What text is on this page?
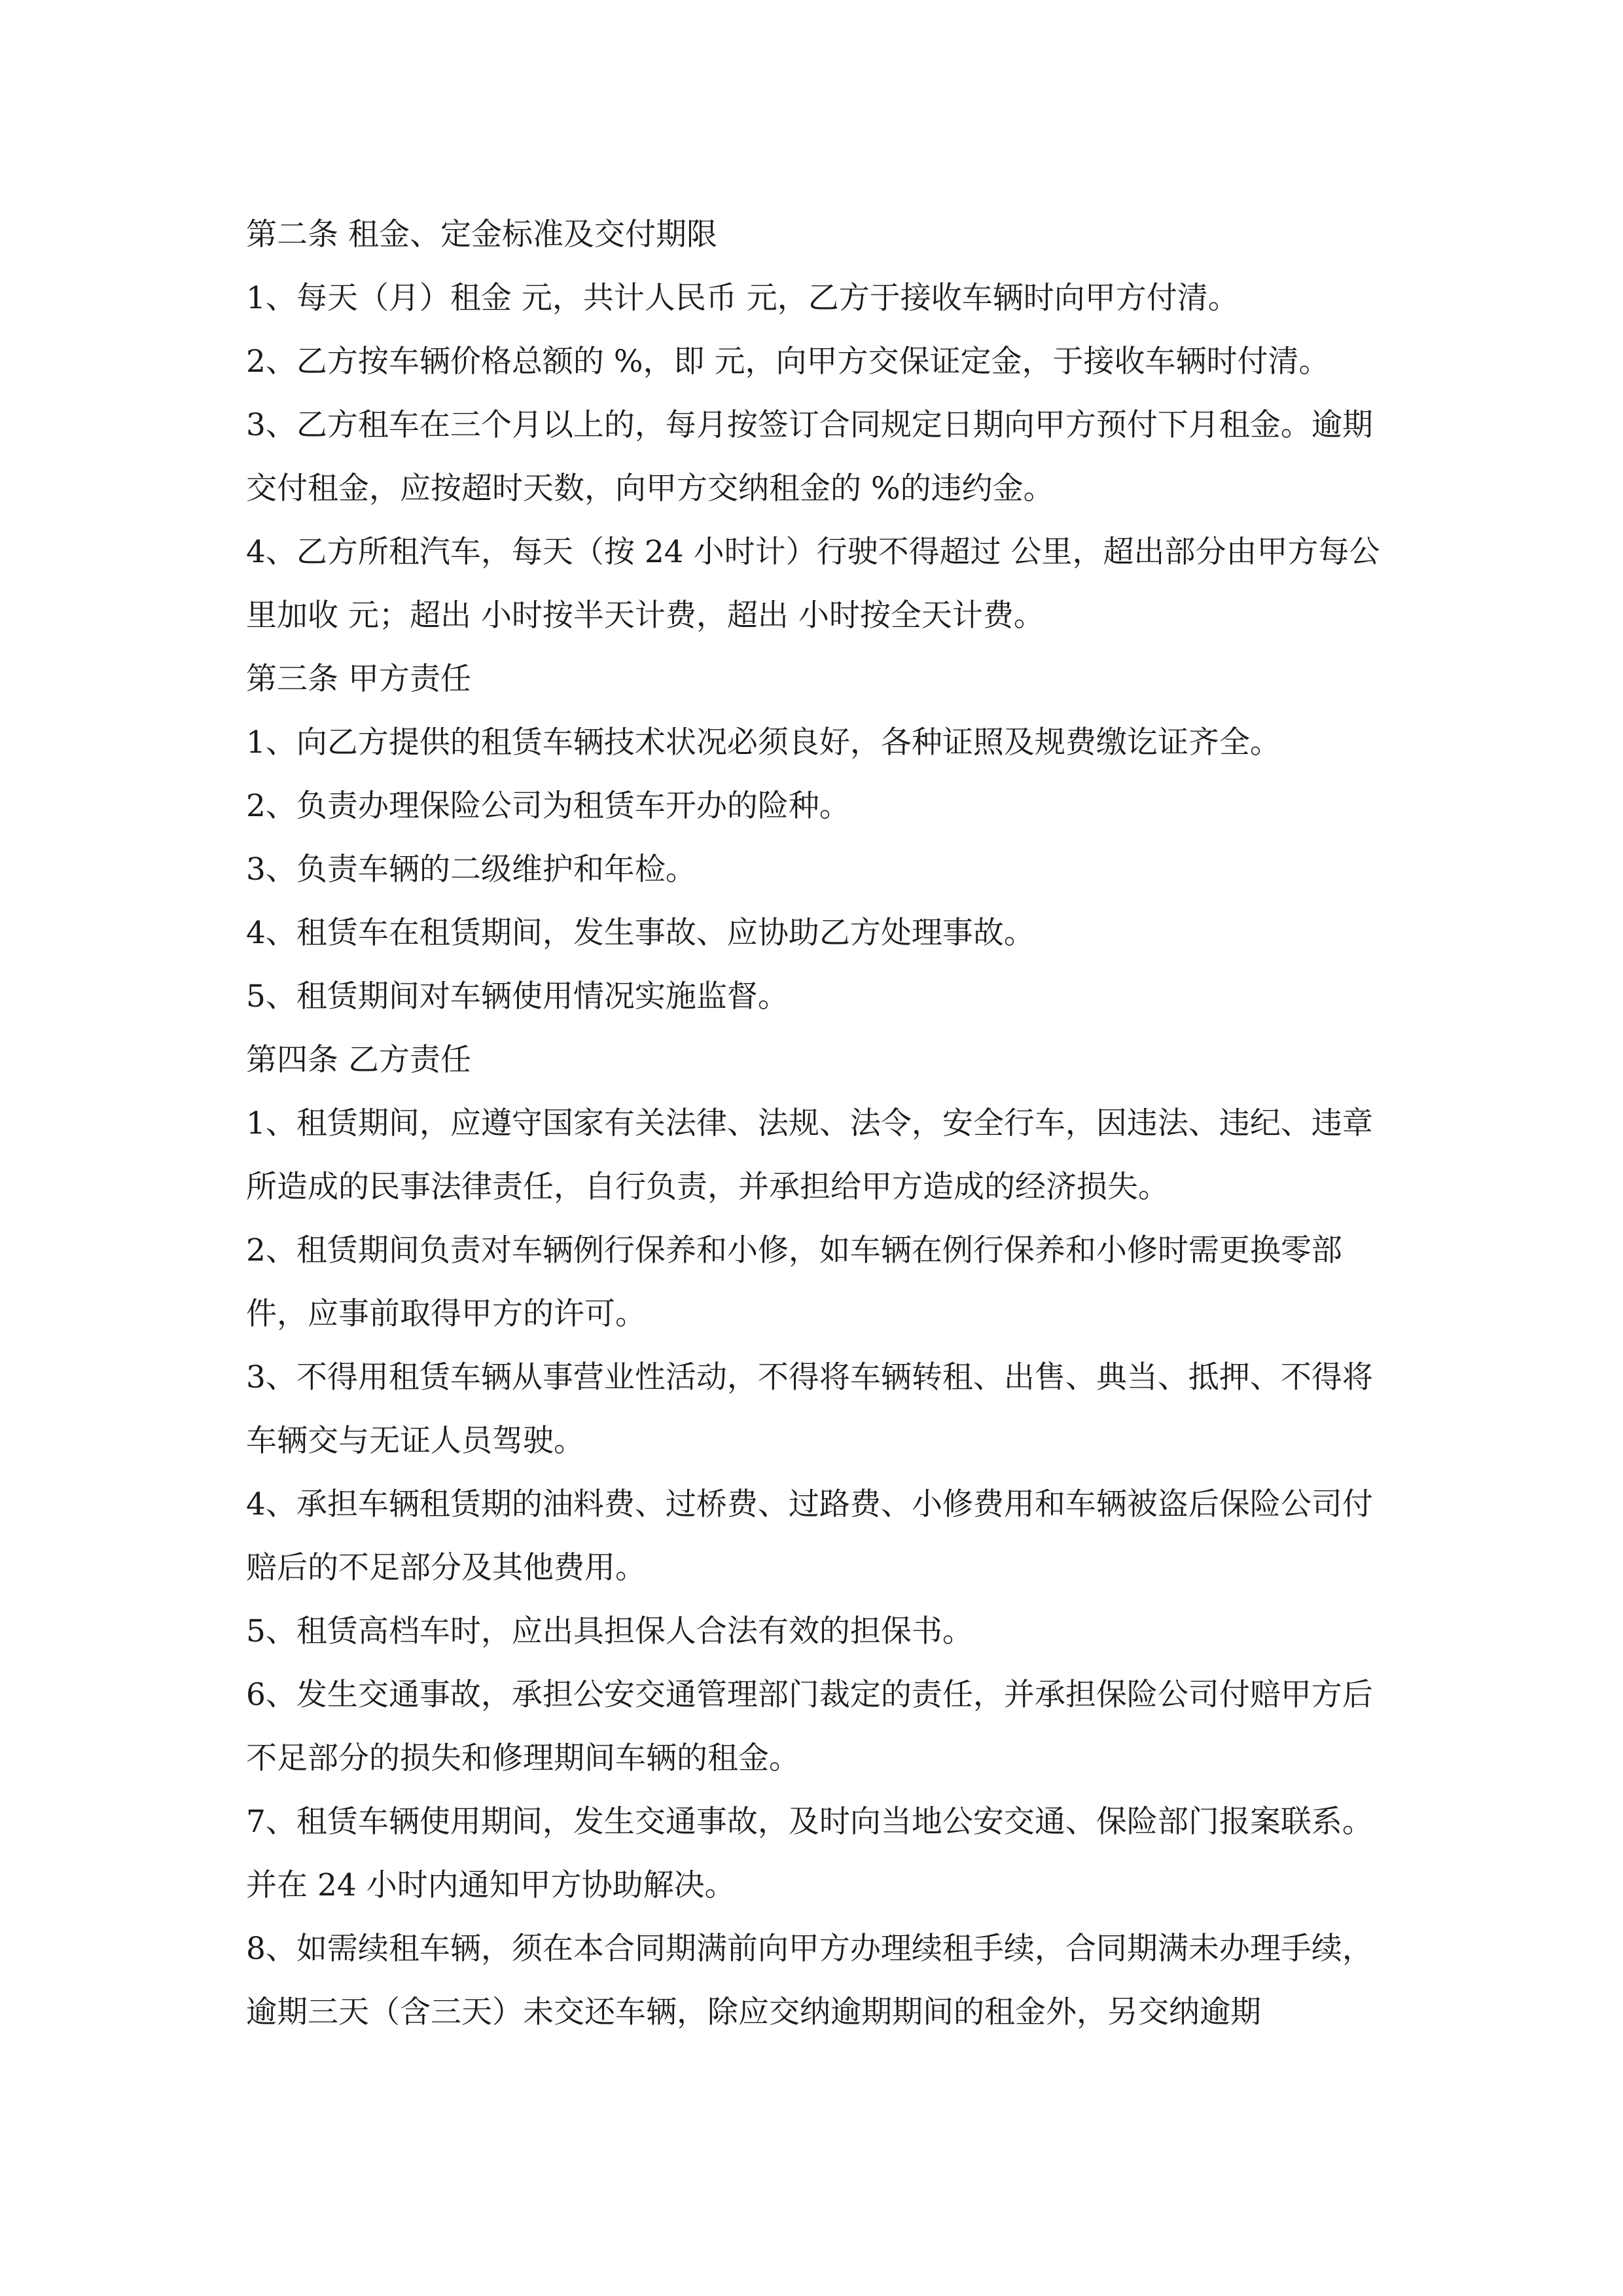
第二条 租金、定金标准及交付期限

1、每天（月）租金 元，共计人民币 元，乙方于接收车辆时向甲方付清。

2、乙方按车辆价格总额的 %，即 元，向甲方交保证定金，于接收车辆时付清。

3、乙方租车在三个月以上的，每月按签订合同规定日期向甲方预付下月租金。逾期交付租金，应按超时天数，向甲方交纳租金的 %的违约金。

4、乙方所租汽车，每天（按 24 小时计）行驶不得超过 公里，超出部分由甲方每公里加收 元；超出 小时按半天计费，超出 小时按全天计费。

第三条 甲方责任

1、向乙方提供的租赁车辆技术状况必须良好，各种证照及规费缴讫证齐全。

2、负责办理保险公司为租赁车开办的险种。

3、负责车辆的二级维护和年检。

4、租赁车在租赁期间，发生事故、应协助乙方处理事故。

5、租赁期间对车辆使用情况实施监督。

第四条 乙方责任

1、租赁期间，应遵守国家有关法律、法规、法令，安全行车，因违法、违纪、违章所造成的民事法律责任，自行负责，并承担给甲方造成的经济损失。

2、租赁期间负责对车辆例行保养和小修，如车辆在例行保养和小修时需更换零部件，应事前取得甲方的许可。

3、不得用租赁车辆从事营业性活动，不得将车辆转租、出售、典当、抵押、不得将车辆交与无证人员驾驶。

4、承担车辆租赁期的油料费、过桥费、过路费、小修费用和车辆被盗后保险公司付赔后的不足部分及其他费用。

5、租赁高档车时，应出具担保人合法有效的担保书。

6、发生交通事故，承担公安交通管理部门裁定的责任，并承担保险公司付赔甲方后不足部分的损失和修理期间车辆的租金。

7、租赁车辆使用期间，发生交通事故，及时向当地公安交通、保险部门报案联系。并在 24 小时内通知甲方协助解决。

8、如需续租车辆，须在本合同期满前向甲方办理续租手续，合同期满未办理手续，逾期三天（含三天）未交还车辆，除应交纳逾期期间的租金外，另交纳逾期
